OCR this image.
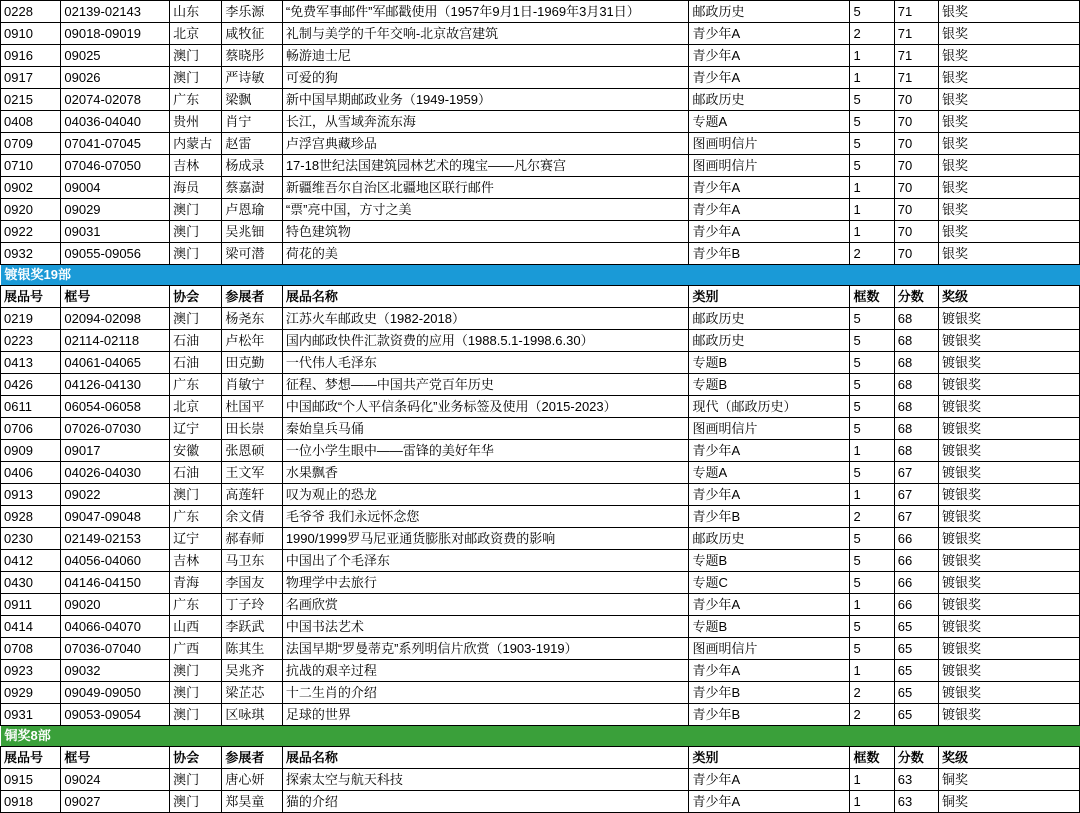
0228	02139-02143	山东	李乐源	“免费军事邮件”军邮戳使用（1957年9月1日-1969年3月31日）	邮政历史	5	71	银奖
0910	09018-09019	北京	咸牧征	礼制与美学的千年交响-北京故宫建筑	青少年A	2	71	银奖
0916	09025	澳门	蔡晓彤	畅游迪士尼	青少年A	1	71	银奖
0917	09026	澳门	严诗敏	可爱的狗	青少年A	1	71	银奖
0215	02074-02078	广东	梁飘	新中国早期邮政业务（1949-1959）	邮政历史	5	70	银奖
0408	04036-04040	贵州	肖宁	长江，从雪域奔流东海	专题A	5	70	银奖
0709	07041-07045	内蒙古	赵雷	卢浮宫典藏珍品	图画明信片	5	70	银奖
0710	07046-07050	吉林	杨成录	17-18世纪法国建筑园林艺术的瑰宝——凡尔赛宫	图画明信片	5	70	银奖
0902	09004	海员	蔡嘉澍	新疆维吾尔自治区北疆地区联行邮件	青少年A	1	70	银奖
0920	09029	澳门	卢恩瑜	“票”亮中国，方寸之美	青少年A	1	70	银奖
0922	09031	澳门	吴兆钿	特色建筑物	青少年A	1	70	银奖
0932	09055-09056	澳门	梁可潜	荷花的美	青少年B	2	70	银奖

镀银奖19部								

展品号	框号	协会	参展者	展品名称	类别	框数	分数	奖级
0219	02094-02098	澳门	杨尧东	江苏火车邮政史（1982-2018）	邮政历史	5	68	镀银奖
0223	02114-02118	石油	卢松年	国内邮政快件汇款资费的应用（1988.5.1-1998.6.30）	邮政历史	5	68	镀银奖
0413	04061-04065	石油	田克勤	一代伟人毛泽东	专题B	5	68	镀银奖
0426	04126-04130	广东	肖敏宁	征程、梦想——中国共产党百年历史	专题B	5	68	镀银奖
0611	06054-06058	北京	杜国平	中国邮政“个人平信条码化”业务标签及使用（2015-2023）	现代（邮政历史）	5	68	镀银奖
0706	07026-07030	辽宁	田长崇	秦始皇兵马俑	图画明信片	5	68	镀银奖
0909	09017	安徽	张恩硕	一位小学生眼中——雷锋的美好年华	青少年A	1	68	镀银奖
0406	04026-04030	石油	王文军	水果飘香	专题A	5	67	镀银奖
0913	09022	澳门	高莲轩	叹为观止的恐龙	青少年A	1	67	镀银奖
0928	09047-09048	广东	余文倩	毛爷爷 我们永远怀念您	青少年B	2	67	镀银奖
0230	02149-02153	辽宁	郝春师	1990/1999罗马尼亚通货膨胀对邮政资费的影响	邮政历史	5	66	镀银奖
0412	04056-04060	吉林	马卫东	中国出了个毛泽东	专题B	5	66	镀银奖
0430	04146-04150	青海	李国友	物理学中去旅行	专题C	5	66	镀银奖
0911	09020	广东	丁子玲	名画欣赏	青少年A	1	66	镀银奖
0414	04066-04070	山西	李跃武	中国书法艺术	专题B	5	65	镀银奖
0708	07036-07040	广西	陈其生	法国早期“罗曼蒂克”系列明信片欣赏（1903-1919）	图画明信片	5	65	镀银奖
0923	09032	澳门	吴兆齐	抗战的艰辛过程	青少年A	1	65	镀银奖
0929	09049-09050	澳门	梁芷芯	十二生肖的介绍	青少年B	2	65	镀银奖
0931	09053-09054	澳门	区咏琪	足球的世界	青少年B	2	65	镀银奖

铜奖8部								

展品号	框号	协会	参展者	展品名称	类别	框数	分数	奖级
0915	09024	澳门	唐心妍	探索太空与航天科技	青少年A	1	63	铜奖
0918	09027	澳门	郑昊童	猫的介绍	青少年A	1	63	铜奖
